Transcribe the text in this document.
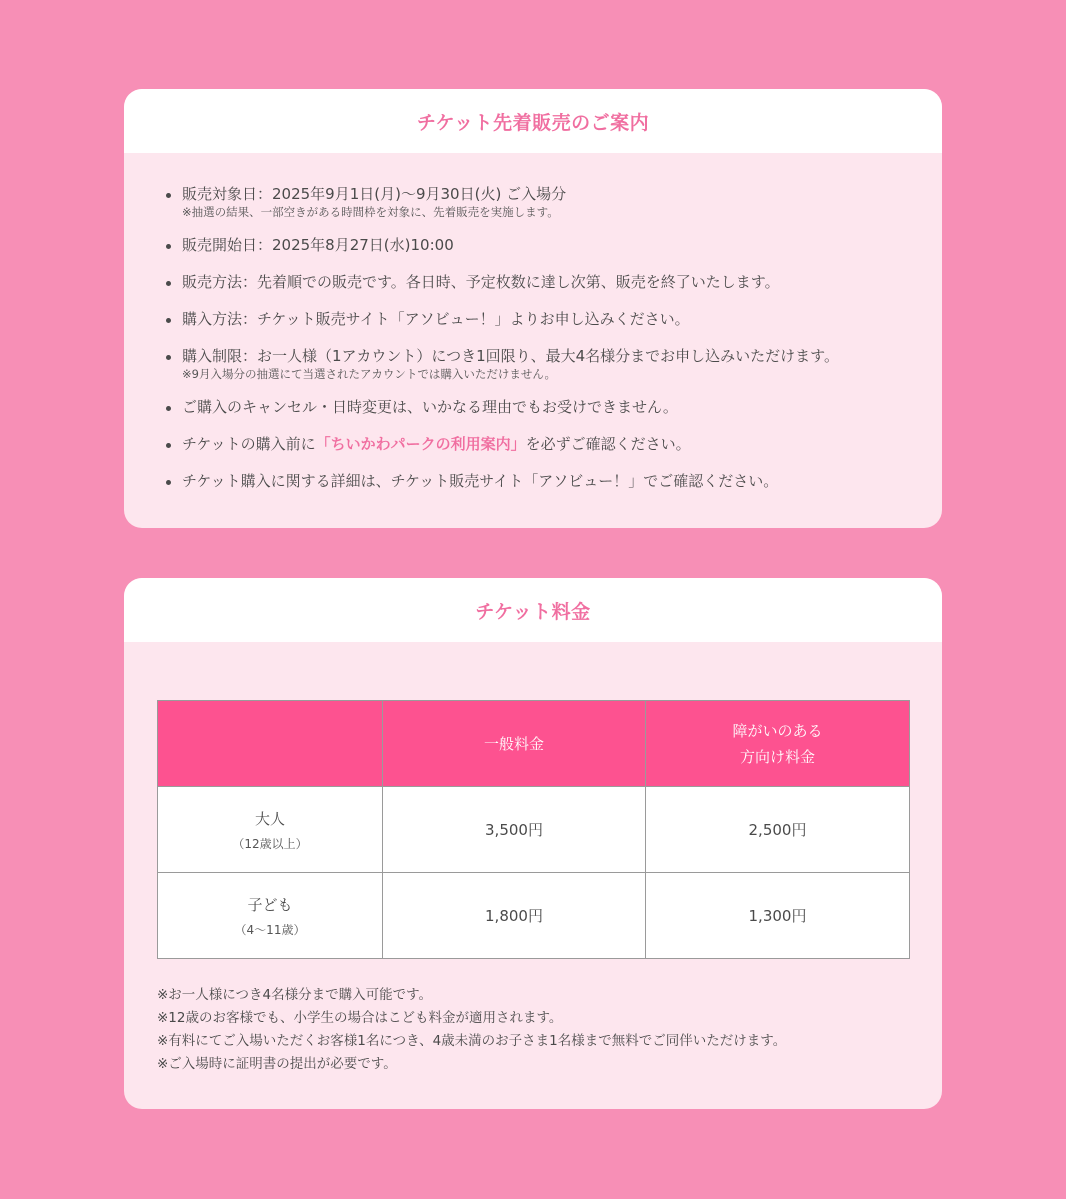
チケット先着販売のご案内
販売対象日：2025年9月1日(月)〜9月30日(火) ご入場分
※抽選の結果、一部空きがある時間枠を対象に、先着販売を実施します。
販売開始日：2025年8月27日(水)10:00
販売方法：先着順での販売です。各日時、予定枚数に達し次第、販売を終了いたします。
購入方法：チケット販売サイト「アソビュー！」よりお申し込みください。
購入制限：お一人様（1アカウント）につき1回限り、最大4名様分までお申し込みいただけます。
※9月入場分の抽選にて当選されたアカウントでは購入いただけません。
ご購入のキャンセル・日時変更は、いかなる理由でもお受けできません。
チケットの購入前に「ちいかわパークの利用案内」を必ずご確認ください。
チケット購入に関する詳細は、チケット販売サイト「アソビュー！」でご確認ください。
チケット料金
	一般料金	障がいのある
方向け料金
大人
（12歳以上）	3,500円	2,500円
子ども
（4〜11歳）	1,800円	1,300円
※お一人様につき4名様分まで購入可能です。
※12歳のお客様でも、小学生の場合はこども料金が適用されます。
※有料にてご入場いただくお客様1名につき、4歳未満のお子さま1名様まで無料でご同伴いただけます。
※ご入場時に証明書の提出が必要です。
